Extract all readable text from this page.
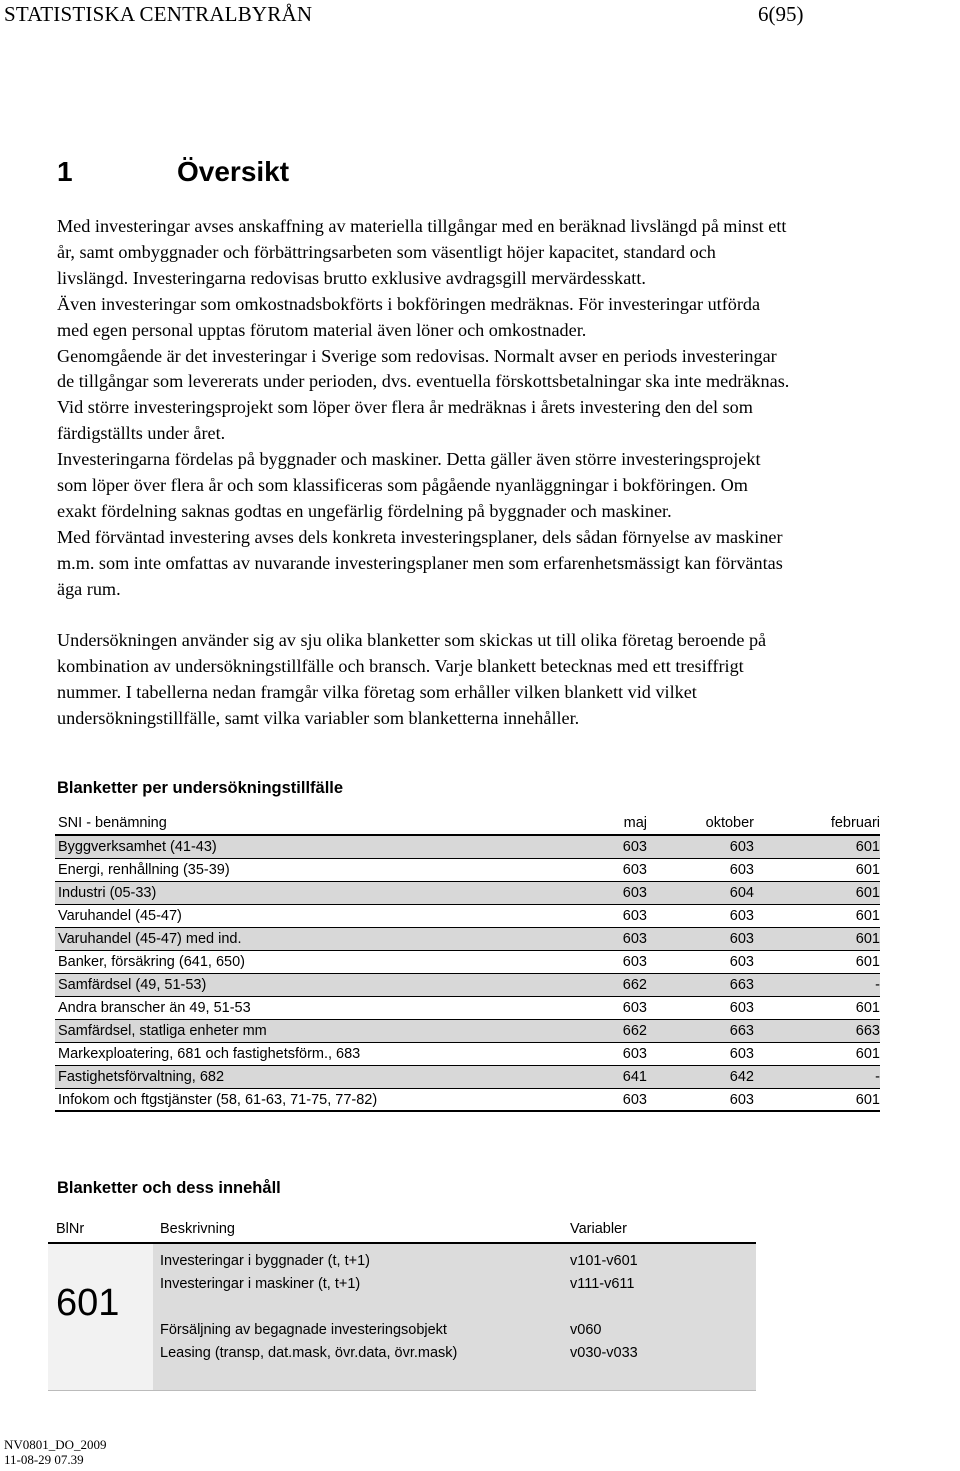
STATISTISKA CENTRALBYRÅN	6(95)
1	Översikt
Med investeringar avses anskaffning av materiella tillgångar med en beräknad livslängd på minst ett
år, samt ombyggnader och förbättringsarbeten som väsentligt höjer kapacitet, standard och
livslängd. Investeringarna redovisas brutto exklusive avdragsgill mervärdesskatt.
Även investeringar som omkostnadsbokförts i bokföringen medräknas. För investeringar utförda
med egen personal upptas förutom material även löner och omkostnader.
Genomgående är det investeringar i Sverige som redovisas. Normalt avser en periods investeringar
de tillgångar som levererats under perioden, dvs. eventuella förskottsbetalningar ska inte medräknas.
Vid större investeringsprojekt som löper över flera år medräknas i årets investering den del som
färdigställts under året.
Investeringarna fördelas på byggnader och maskiner. Detta gäller även större investeringsprojekt
som löper över flera år och som klassificeras som pågående nyanläggningar i bokföringen. Om
exakt fördelning saknas godtas en ungefärlig fördelning på byggnader och maskiner.
Med förväntad investering avses dels konkreta investeringsplaner, dels sådan förnyelse av maskiner
m.m. som inte omfattas av nuvarande investeringsplaner men som erfarenhetsmässigt kan förväntas
äga rum.
Undersökningen använder sig av sju olika blanketter som skickas ut till olika företag beroende på
kombination av undersökningstillfälle och bransch. Varje blankett betecknas med ett tresiffrigt
nummer. I tabellerna nedan framgår vilka företag som erhåller vilken blankett vid vilket
undersökningstillfälle, samt vilka variabler som blanketterna innehåller.
Blanketter per undersökningstillfälle
SNI - benämning	maj	oktober	februari
Byggverksamhet (41-43)	603	603	601
Energi, renhållning (35-39)	603	603	601
Industri (05-33)	603	604	601
Varuhandel (45-47)	603	603	601
Varuhandel (45-47) med ind.	603	603	601
Banker, försäkring (641, 650)	603	603	601
Samfärdsel (49, 51-53)	662	663	-
Andra branscher än 49, 51-53	603	603	601
Samfärdsel, statliga enheter mm	662	663	663
Markexploatering, 681 och fastighetsförm., 683	603	603	601
Fastighetsförvaltning, 682	641	642	-
Infokom och ftgstjänster (58, 61-63, 71-75, 77-82)	603	603	601
Blanketter och dess innehåll
BlNr	Beskrivning	Variabler
601
Investeringar i byggnader (t, t+1)	v101-v601
Investeringar i maskiner (t, t+1)	v111-v611
Försäljning av begagnade investeringsobjekt	v060
Leasing (transp, dat.mask, övr.data, övr.mask)	v030-v033
NV0801_DO_2009
11-08-29 07.39
